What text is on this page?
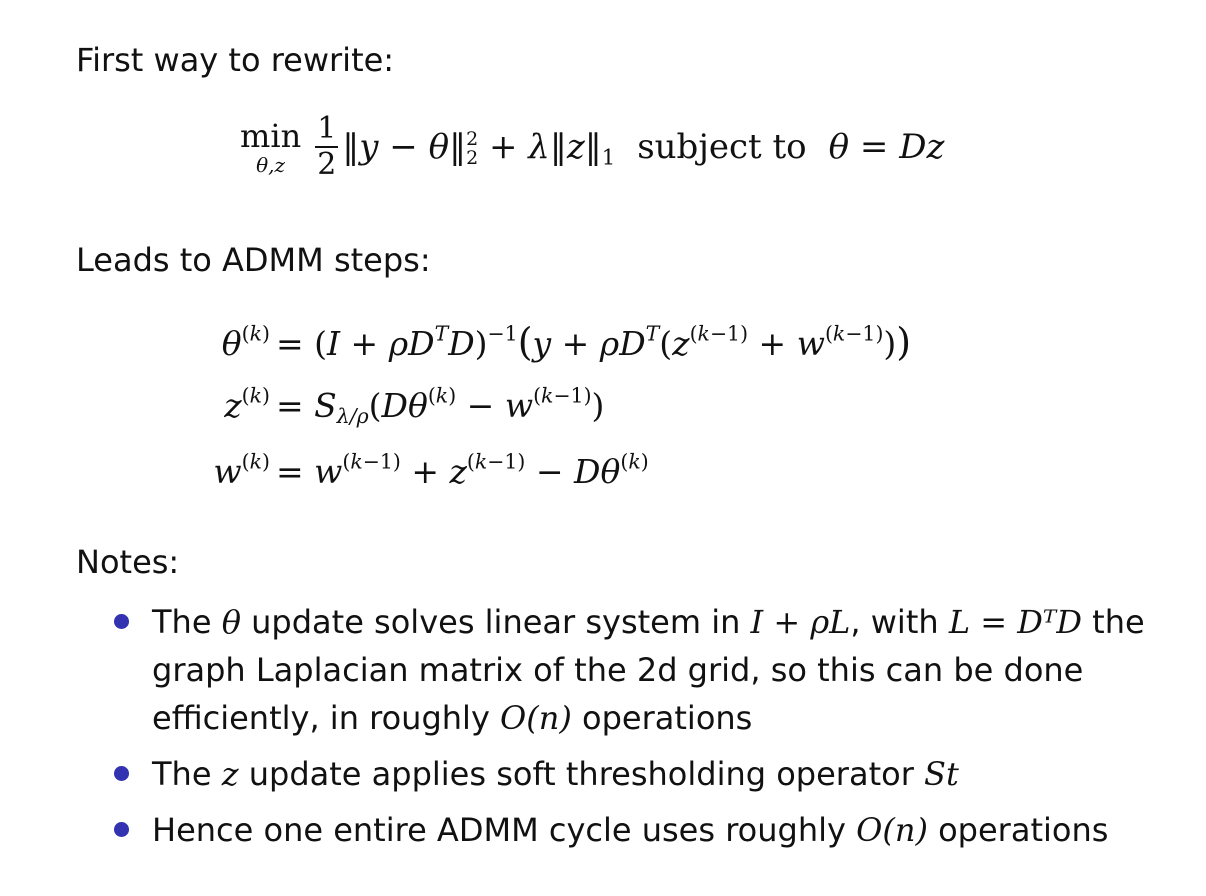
First way to rewrite:
min
$\theta,z \frac{1}{2}$ ‖y − θ‖ 2
$2 + \lambda‖z‖_1$ subject to θ = Dz
Leads to ADMM steps:
$\theta^{(k)} = (I + \rho D^TD)^{-1}(y + \rho D^T(z^{(k-1)} + w^{(k-1)}))$
$z^{(k)} = S_{\lambda/\rho}(D\theta^{(k)} - w^{(k-1)})$
$w^{(k)} = w^{(k-1)} + z^{(k-1)} - D\theta^{(k)}$
Notes:
The θ update solves linear system in I + ρL, with L = DᵀD the graph Laplacian matrix of the 2d grid, so this can be done efficiently, in roughly O(n) operations
The z update applies soft thresholding operator St
Hence one entire ADMM cycle uses roughly O(n) operations
